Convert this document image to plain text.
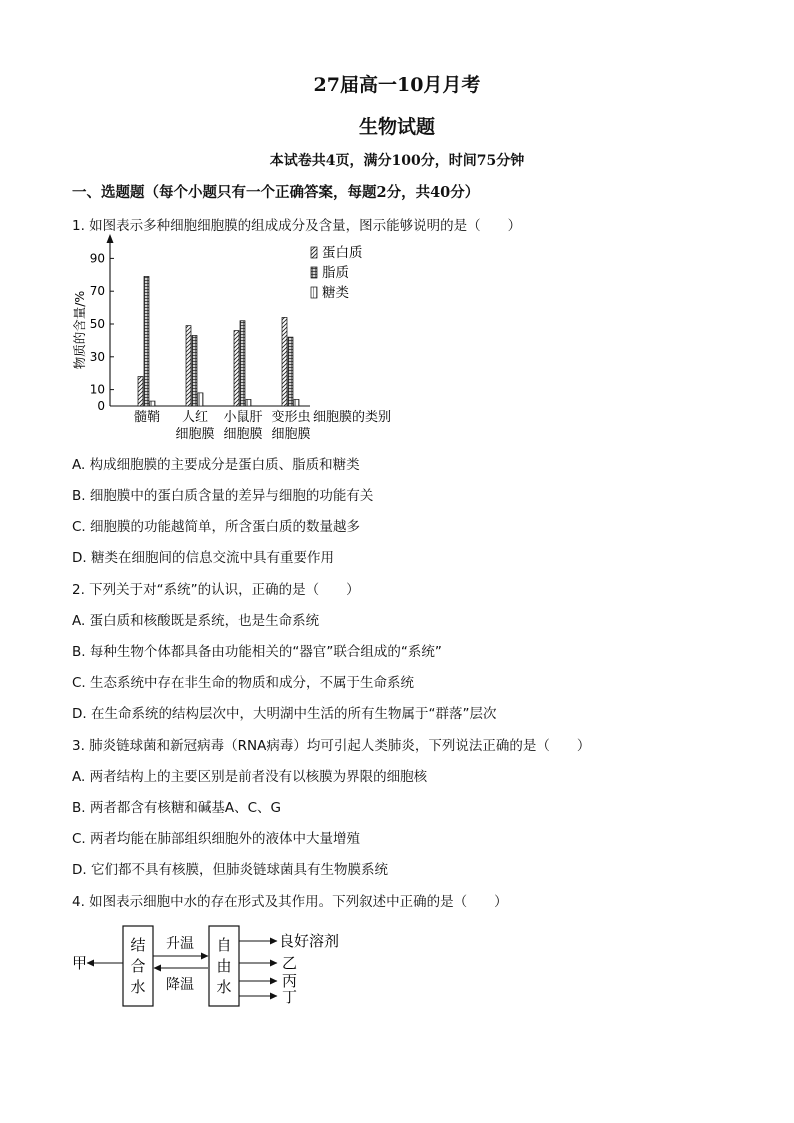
27届高一10月月考
生物试题
本试卷共4页，满分100分，时间75分钟
一、选题题（每个小题只有一个正确答案，每题2分，共40分）
1. 如图表示多种细胞细胞膜的组成成分及含量，图示能够说明的是（　　）
0
10
30
50
70
90
物质的含量/%
髓鞘 人红
细胞膜
小鼠肝
细胞膜
变形虫
细胞膜
细胞膜的类别
蛋白质
脂质
糖类
A. 构成细胞膜的主要成分是蛋白质、脂质和糖类
B. 细胞膜中的蛋白质含量的差异与细胞的功能有关
C. 细胞膜的功能越简单，所含蛋白质的数量越多
D. 糖类在细胞间的信息交流中具有重要作用
2. 下列关于对“系统”的认识，正确的是（　　）
A. 蛋白质和核酸既是系统，也是生命系统
B. 每种生物个体都具备由功能相关的“器官”联合组成的“系统”
C. 生态系统中存在非生命的物质和成分，不属于生命系统
D. 在生命系统的结构层次中，大明湖中生活的所有生物属于“群落”层次
3. 肺炎链球菌和新冠病毒（RNA病毒）均可引起人类肺炎，下列说法正确的是（　　）
A. 两者结构上的主要区别是前者没有以核膜为界限的细胞核
B. 两者都含有核糖和碱基A、C、G
C. 两者均能在肺部组织细胞外的液体中大量增殖
D. 它们都不具有核膜，但肺炎链球菌具有生物膜系统
4. 如图表示细胞中水的存在形式及其作用。下列叙述中正确的是（　　）
结
合
水
自
由
水
升温
降温
甲
良好溶剂
乙
丙
丁
